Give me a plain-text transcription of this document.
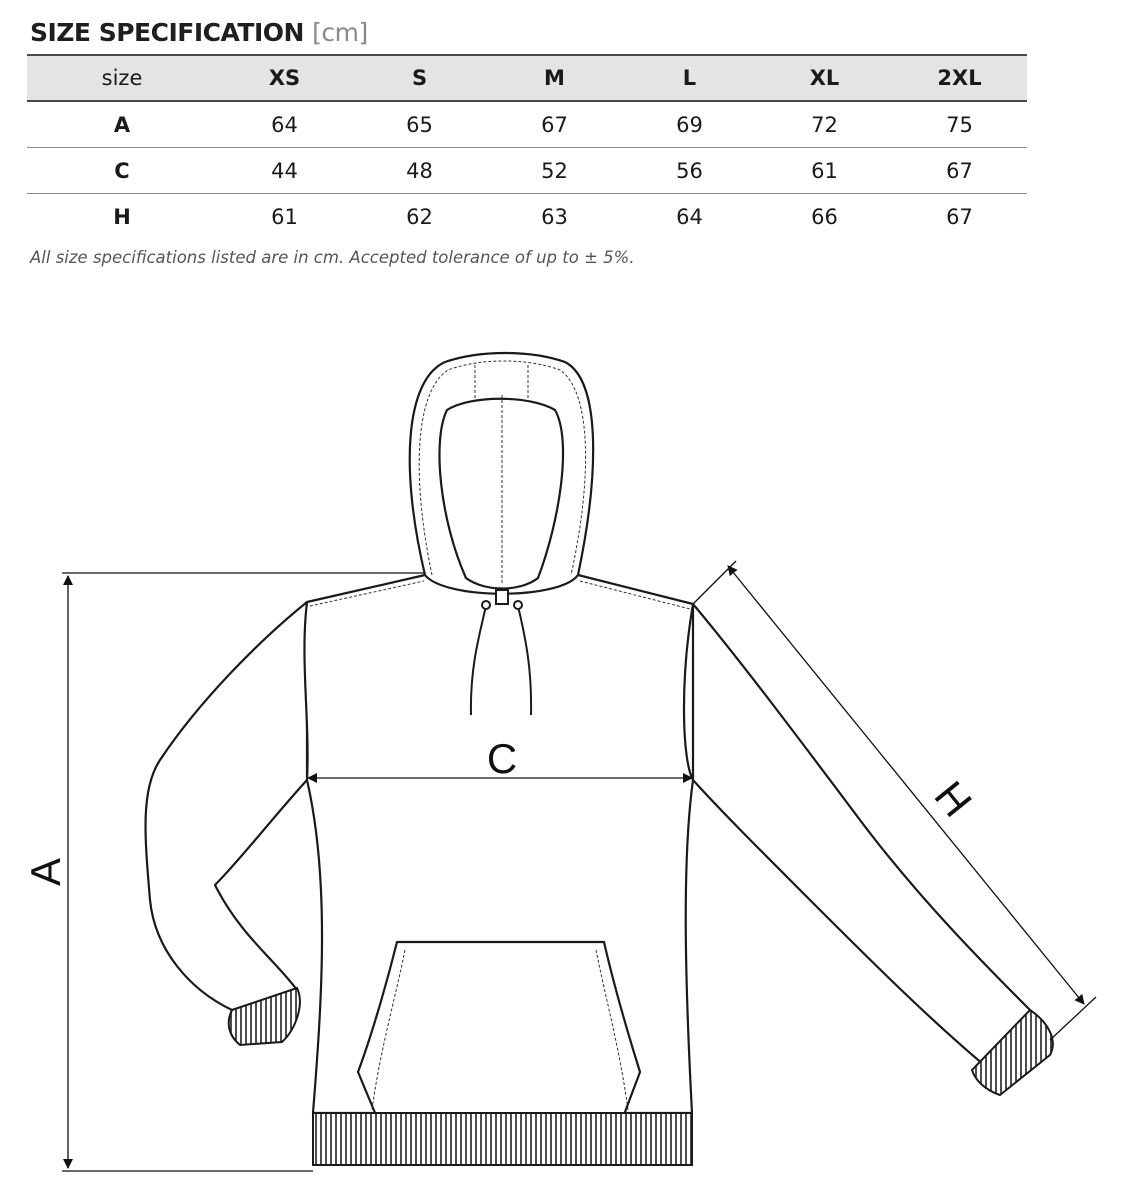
SIZE SPECIFICATION [cm]
size	XS	S	M	L	XL	2XL
A	64	65	67	69	72	75
C	44	48	52	56	61	67
H	61	62	63	64	66	67
All size specifications listed are in cm. Accepted tolerance of up to ± 5%.
A
C
H
